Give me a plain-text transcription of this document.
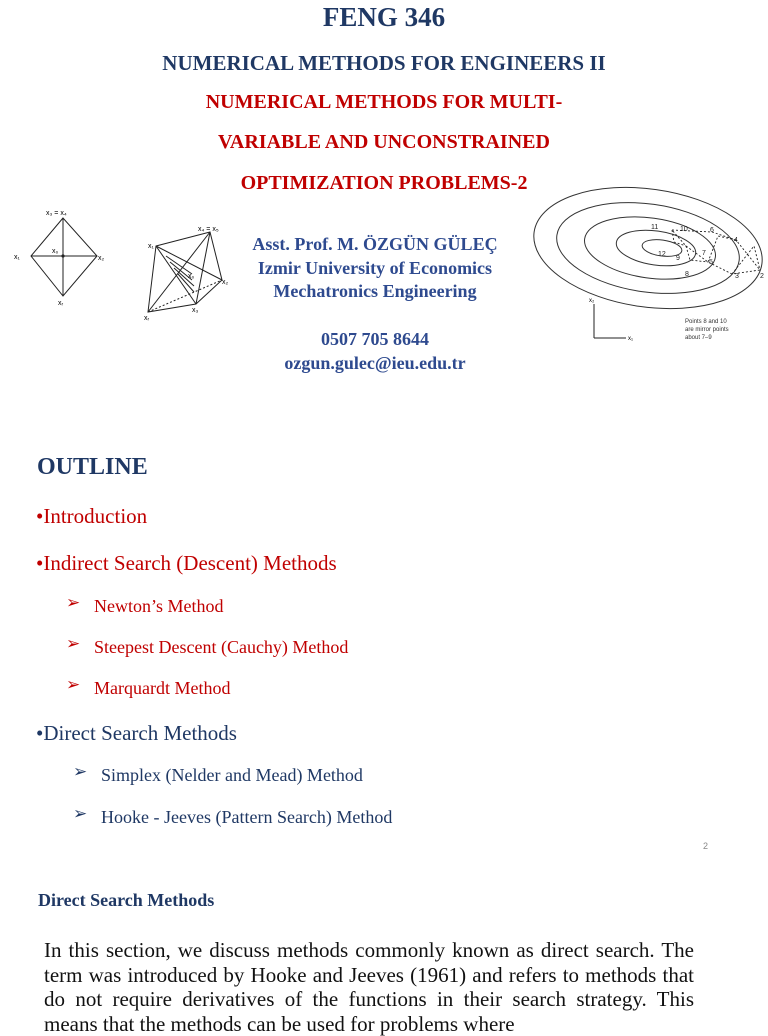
FENG 346
NUMERICAL METHODS FOR ENGINEERS II
NUMERICAL METHODS FOR MULTI-
VARIABLE AND UNCONSTRAINED
OPTIMIZATION PROBLEMS-2
x₃ = x₄
x₁	x₂
x₀
xᵣ
x₄ = x₅
x₁
x₀
x₂
xᵣ
x₃
Asst. Prof. M. ÖZGÜN GÜLEÇ
Izmir University of Economics
Mechatronics Engineering
0507 705 8644
ozgun.gulec@ieu.edu.tr
11	10
12
9
8
6
7
4
5
3	2
x₂
x₁
Points 8 and 10
are mirror points
about 7–9
OUTLINE
•Introduction
•Indirect Search (Descent) Methods
➢ Newton’s Method
➢ Steepest Descent (Cauchy) Method
➢ Marquardt Method
•Direct Search Methods
➢ Simplex (Nelder and Mead) Method
➢ Hooke - Jeeves (Pattern Search) Method
2
Direct Search Methods
In this section, we discuss methods commonly known as direct search. The term was introduced by Hooke and Jeeves (1961) and refers to methods that do not require derivatives of the functions in their search strategy. This means that the methods can be used for problems where
